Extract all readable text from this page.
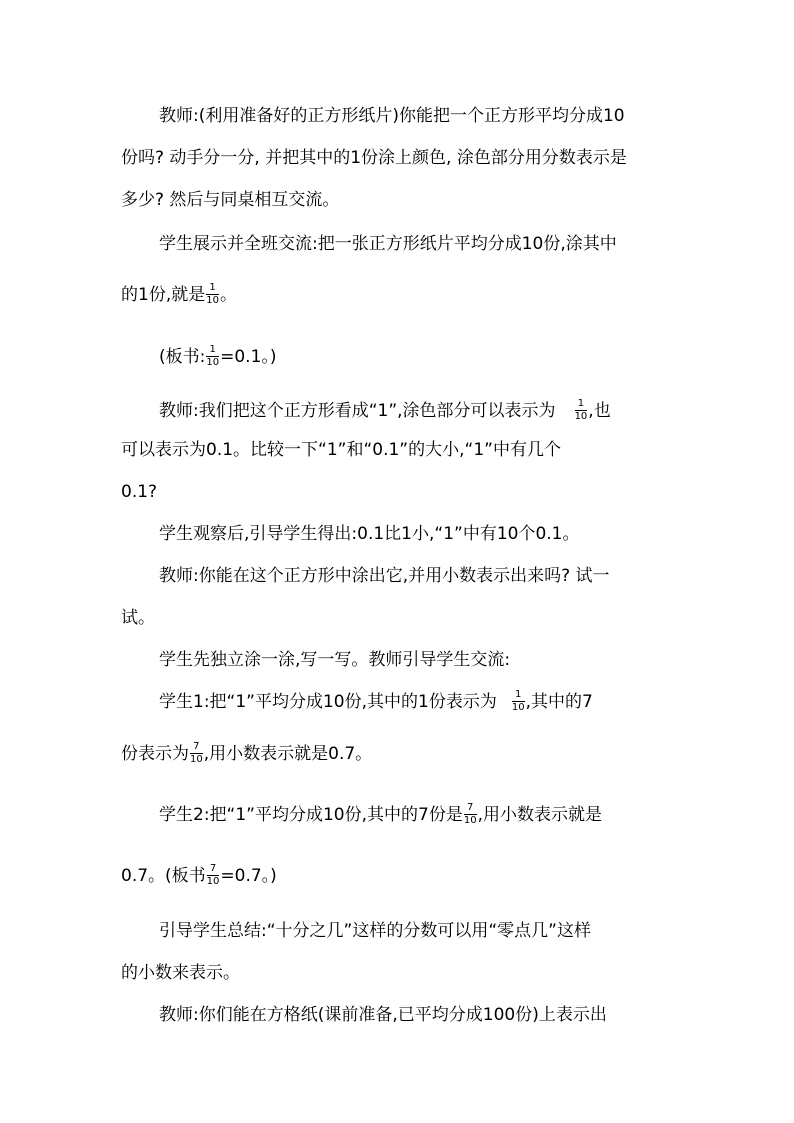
教师:(利用准备好的正方形纸片)你能把一个正方形平均分成10
份吗? 动手分一分, 并把其中的1份涂上颜色, 涂色部分用分数表示是
多少? 然后与同桌相互交流。
学生展示并全班交流:把一张正方形纸片平均分成10份,涂其中
的1份,就是 $\frac{1}{10}$ 。
(板书: $\frac{1}{10} =0.1$。)
教师:我们把这个正方形看成“1”,涂色部分可以表示为 $\frac{1}{10}$ ,也
可以表示为0.1。比较一下“1”和“0.1”的大小,“1”中有几个
0.1?
学生观察后,引导学生得出:0.1比1小,“1”中有10个0.1。
教师:你能在这个正方形中涂出它,并用小数表示出来吗? 试一
试。
学生先独立涂一涂,写一写。教师引导学生交流:
学生1:把“1”平均分成10份,其中的1份表示为 $\frac{1}{10}$ ,其中的7
份表示为 $\frac{7}{10}$ ,用小数表示就是0.7。
学生2:把“1”平均分成10份,其中的7份是 $\frac{7}{10}$ ,用小数表示就是
0.7。(板书 $\frac{7}{10} =0.7$。)
引导学生总结:“十分之几”这样的分数可以用“零点几”这样
的小数来表示。
教师:你们能在方格纸(课前准备,已平均分成100份)上表示出
